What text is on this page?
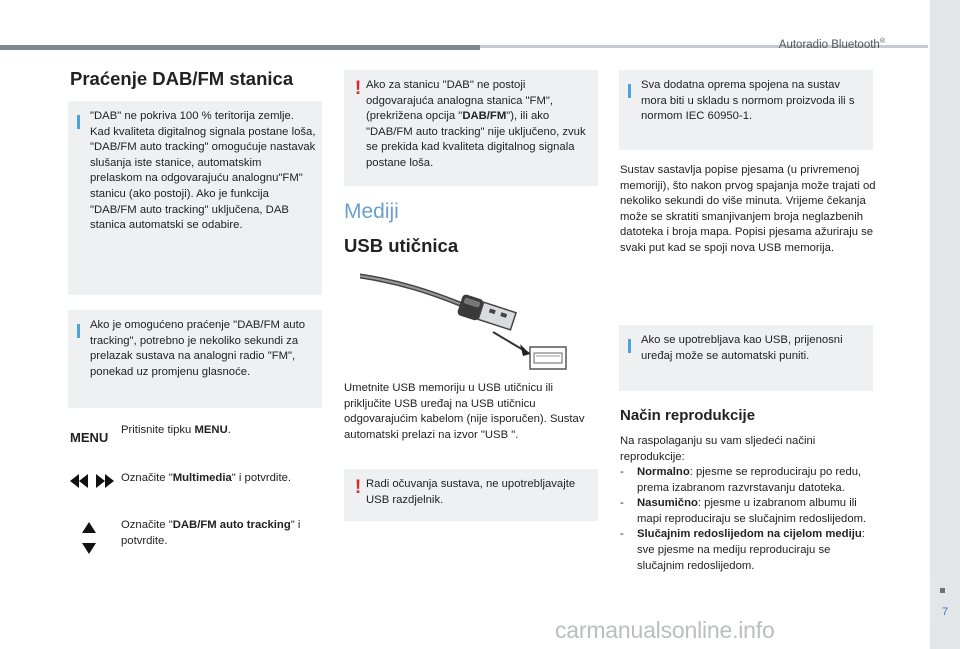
Autoradio Bluetooth®
7
Praćenje DAB/FM stanica
"DAB" ne pokriva 100 % teritorija zemlje. Kad kvaliteta digitalnog signala postane loša, "DAB/FM auto tracking" omogućuje nastavak slušanja iste stanice, automatskim prelaskom na odgovarajuću analognu"FM" stanicu (ako postoji). Ako je funkcija "DAB/FM auto tracking" uključena, DAB stanica automatski se odabire.
Ako je omogućeno praćenje "DAB/FM auto tracking", potrebno je nekoliko sekundi za prelazak sustava na analogni radio "FM", ponekad uz promjenu glasnoće.
MENU Pritisnite tipku MENU.
Označite "Multimedia" i potvrdite.
Označite "DAB/FM auto tracking" i potvrdite.
! Ako za stanicu "DAB" ne postoji odgovarajuća analogna stanica "FM", (prekrižena opcija "DAB/FM"), ili ako "DAB/FM auto tracking" nije uključeno, zvuk se prekida kad kvaliteta digitalnog signala postane loša.
Mediji
USB utičnica
Umetnite USB memoriju u USB utičnicu ili priključite USB uređaj na USB utičnicu odgovarajućim kabelom (nije isporučen). Sustav automatski prelazi na izvor "USB ".
! Radi očuvanja sustava, ne upotrebljavajte USB razdjelnik.
Sva dodatna oprema spojena na sustav mora biti u skladu s normom proizvoda ili s normom IEC 60950-1.
Sustav sastavlja popise pjesama (u privremenoj memoriji), što nakon prvog spajanja može trajati od nekoliko sekundi do više minuta. Vrijeme čekanja može se skratiti smanjivanjem broja neglazbenih datoteka i broja mapa. Popisi pjesama ažuriraju se svaki put kad se spoji nova USB memorija.
Ako se upotrebljava kao USB, prijenosni uređaj može se automatski puniti.
Način reprodukcije
Na raspolaganju su vam sljedeći načini reprodukcije:
- Normalno: pjesme se reproduciraju po redu, prema izabranom razvrstavanju datoteka.
- Nasumično: pjesme u izabranom albumu ili mapi reproduciraju se slučajnim redoslijedom.
- Slučajnim redoslijedom na cijelom mediju: sve pjesme na mediju reproduciraju se slučajnim redoslijedom.
carmanualsonline.info
